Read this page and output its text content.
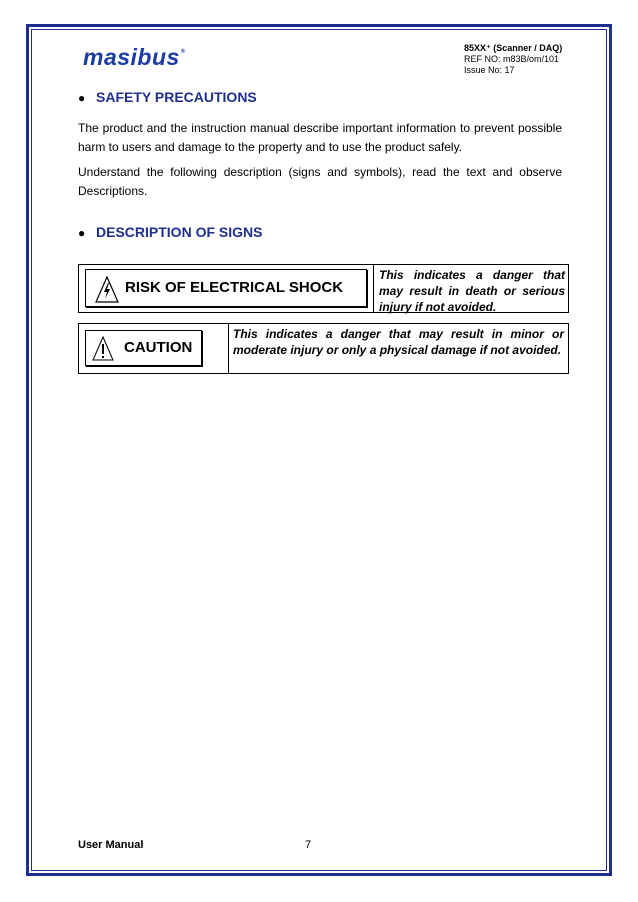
masibus®	85XX⁺ (Scanner / DAQ)
REF NO: m83B/om/101
Issue No: 17
● SAFETY PRECAUTIONS
The product and the instruction manual describe important information to prevent possible harm to users and damage to the property and to use the product safely.
Understand the following description (signs and symbols), read the text and observe Descriptions.
● DESCRIPTION OF SIGNS
RISK OF ELECTRICAL SHOCK
This indicates a danger that may result in death or serious injury if not avoided.
CAUTION
This indicates a danger that may result in minor or moderate injury or only a physical damage if not avoided.
User Manual	7
